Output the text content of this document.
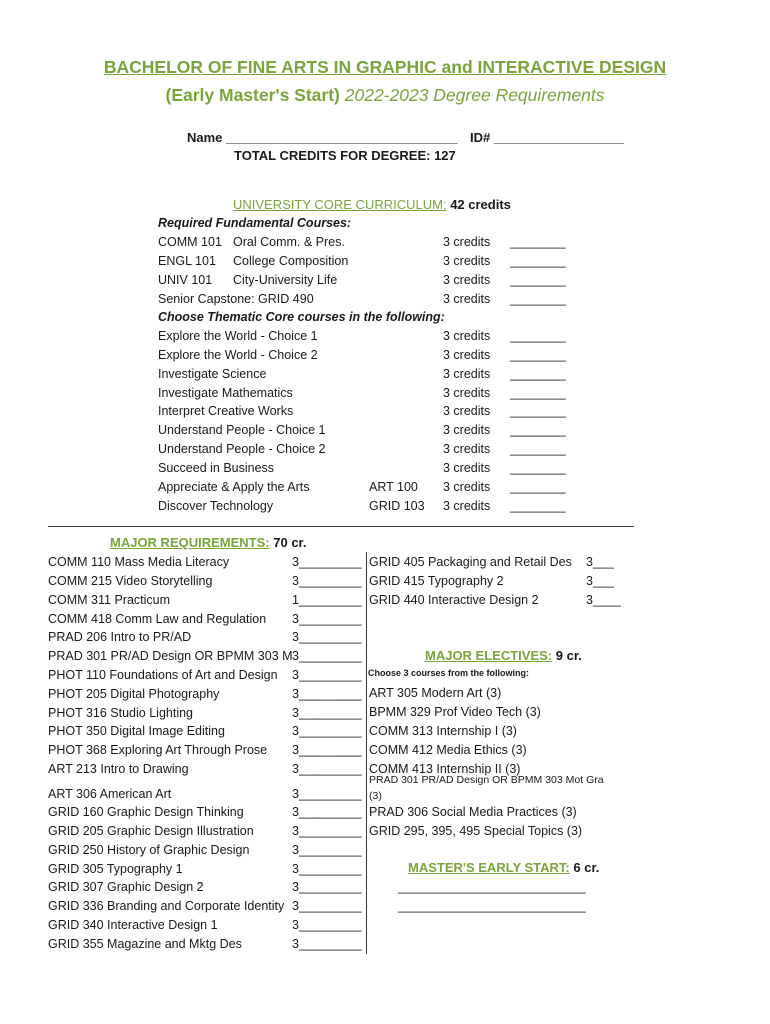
BACHELOR OF FINE ARTS IN GRAPHIC and INTERACTIVE DESIGN
(Early Master's Start) 2022-2023 Degree Requirements
Name ________________________________ ID# __________________
TOTAL CREDITS FOR DEGREE: 127
UNIVERSITY CORE CURRICULUM: 42 credits
Required Fundamental Courses:
COMM 101 Oral Comm. & Pres.	3 credits ________
ENGL 101 College Composition	3 credits ________
UNIV 101 City-University Life	3 credits ________
Senior Capstone: GRID 490	3 credits ________
Choose Thematic Core courses in the following:
Explore the World - Choice 1	3 credits ________
Explore the World - Choice 2	3 credits ________
Investigate Science	3 credits ________
Investigate Mathematics	3 credits ________
Interpret Creative Works	3 credits ________
Understand People - Choice 1	3 credits ________
Understand People - Choice 2	3 credits ________
Succeed in Business	3 credits ________
Appreciate & Apply the Arts	ART 100 3 credits ________
Discover Technology	GRID 103 3 credits ________
MAJOR REQUIREMENTS: 70 cr.
COMM 110 Mass Media Literacy	3_________
COMM 215 Video Storytelling	3_________
COMM 311 Practicum	1_________
COMM 418 Comm Law and Regulation 3_________
PRAD 206 Intro to PR/AD	3_________
PRAD 301 PR/AD Design OR BPMM 303 M 3_________
PHOT 110 Foundations of Art and Design 3_________
PHOT 205 Digital Photography	3_________
PHOT 316 Studio Lighting	3_________
PHOT 350 Digital Image Editing	3_________
PHOT 368 Exploring Art Through Prose 3_________
ART 213 Intro to Drawing	3_________
ART 306 American Art	3_________
GRID 160 Graphic Design Thinking	3_________
GRID 205 Graphic Design Illustration	3_________
GRID 250 History of Graphic Design	3_________
GRID 305 Typography 1	3_________
GRID 307 Graphic Design 2	3_________
GRID 336 Branding and Corporate Identity 3_________
GRID 340 Interactive Design 1	3_________
GRID 355 Magazine and Mktg Des	3_________
GRID 405 Packaging and Retail Des 3___
GRID 415 Typography 2	3___
GRID 440 Interactive Design 2	3____
MAJOR ELECTIVES: 9 cr.
Choose 3 courses from the following:
ART 305 Modern Art (3)
BPMM 329 Prof Video Tech (3)
COMM 313 Internship I (3)
COMM 412 Media Ethics (3)
COMM 413 Internship II (3)
PRAD 301 PR/AD Design OR BPMM 303 Mot Gra
(3)
PRAD 306 Social Media Practices (3)
GRID 295, 395, 495 Special Topics (3)
MASTER'S EARLY START: 6 cr.
___________________________
___________________________
